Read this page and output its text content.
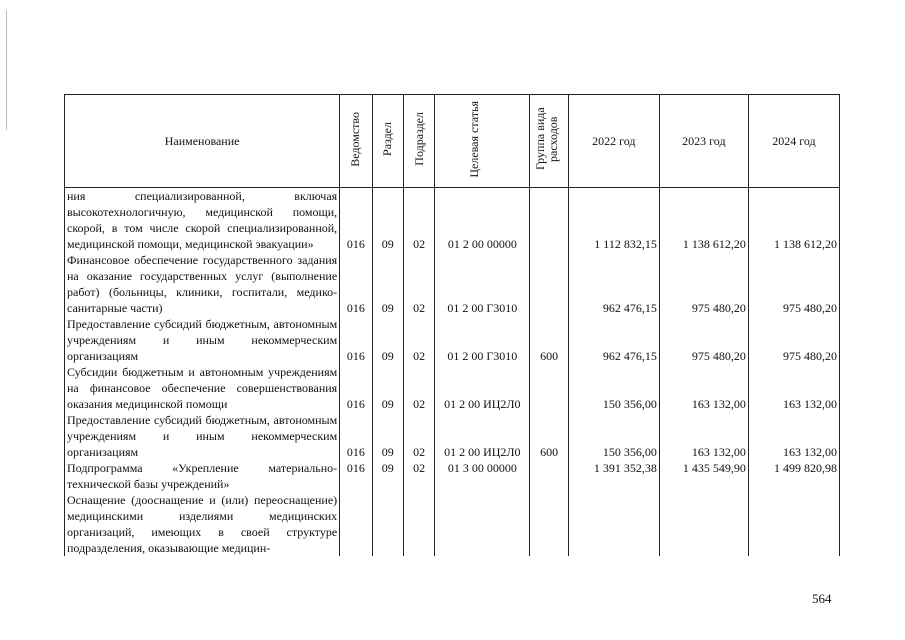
Наименование	Ведомство	Раздел	Подраздел	Целевая статья	Группа вида расходов	2022 год	2023 год	2024 год
ния специализированной, включая высокотехнологичную, медицинской помощи, скорой, в том числе скорой специализированной, медицинской помощи, медицинской эвакуации»	016	09	02	01 2 00 00000		1 112 832,15	1 138 612,20	1 138 612,20
Финансовое обеспечение государственного задания на оказание государственных услуг (выполнение работ) (больницы, клиники, госпитали, медико-санитарные части)	016	09	02	01 2 00 Г3010		962 476,15	975 480,20	975 480,20
Предоставление субсидий бюджетным, автономным учреждениям и иным некоммерческим организациям	016	09	02	01 2 00 Г3010	600	962 476,15	975 480,20	975 480,20
Субсидии бюджетным и автономным учреждениям на финансовое обеспечение совершенствования оказания медицинской помощи	016	09	02	01 2 00 ИЦ2Л0		150 356,00	163 132,00	163 132,00
Предоставление субсидий бюджетным, автономным учреждениям и иным некоммерческим организациям	016	09	02	01 2 00 ИЦ2Л0	600	150 356,00	163 132,00	163 132,00
Подпрограмма «Укрепление материально-технической базы учреждений»	016	09	02	01 3 00 00000		1 391 352,38	1 435 549,90	1 499 820,98
Оснащение (дооснащение и (или) переоснащение) медицинскими изделиями медицинских организаций, имеющих в своей структуре подразделения, оказывающие медицин-								
564
